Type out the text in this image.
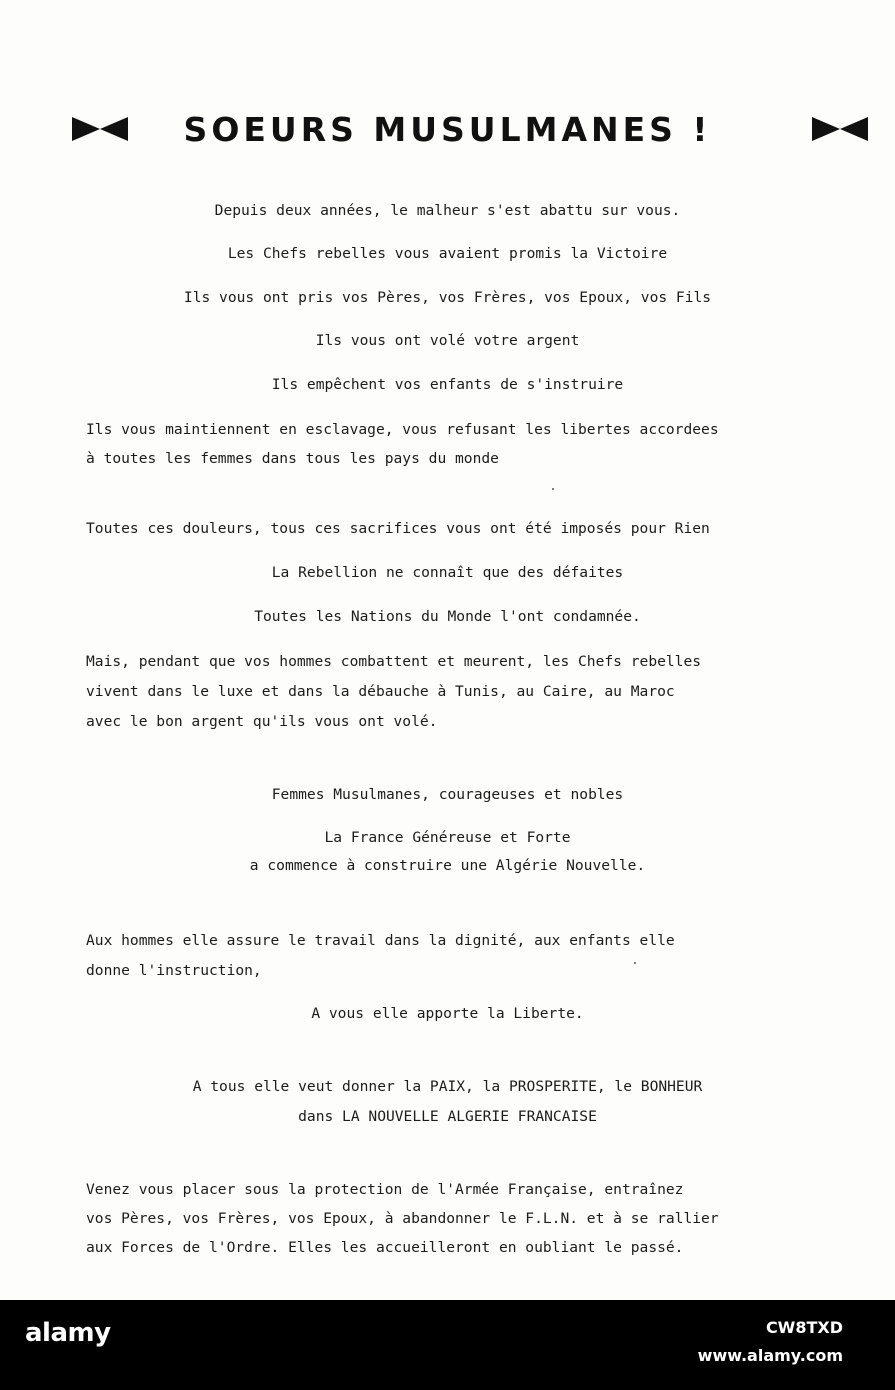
SOEURS MUSULMANES !
Depuis deux années, le malheur s'est abattu sur vous.
Les Chefs rebelles vous avaient promis la Victoire
Ils vous ont pris vos Pères, vos Frères, vos Epoux, vos Fils
Ils vous ont volé votre argent
Ils empêchent vos enfants de s'instruire
Ils vous maintiennent en esclavage, vous refusant les libertes accordees
à toutes les femmes dans tous les pays du monde
Toutes ces douleurs, tous ces sacrifices vous ont été imposés pour Rien
La Rebellion ne connaît que des défaites
Toutes les Nations du Monde l'ont condamnée.
Mais, pendant que vos hommes combattent et meurent, les Chefs rebelles
vivent dans le luxe et dans la débauche à Tunis, au Caire, au Maroc
avec le bon argent qu'ils vous ont volé.
Femmes Musulmanes, courageuses et nobles
La France Généreuse et Forte
a commence à construire une Algérie Nouvelle.
Aux hommes elle assure le travail dans la dignité, aux enfants elle
donne l'instruction,
A vous elle apporte la Liberte.
A tous elle veut donner la PAIX, la PROSPERITE, le BONHEUR
dans LA NOUVELLE ALGERIE FRANCAISE
Venez vous placer sous la protection de l'Armée Française, entraînez
vos Pères, vos Frères, vos Epoux, à abandonner le F.L.N. et à se rallier
aux Forces de l'Ordre. Elles les accueilleront en oubliant le passé.
alamy	CW8TXD
www.alamy.com
